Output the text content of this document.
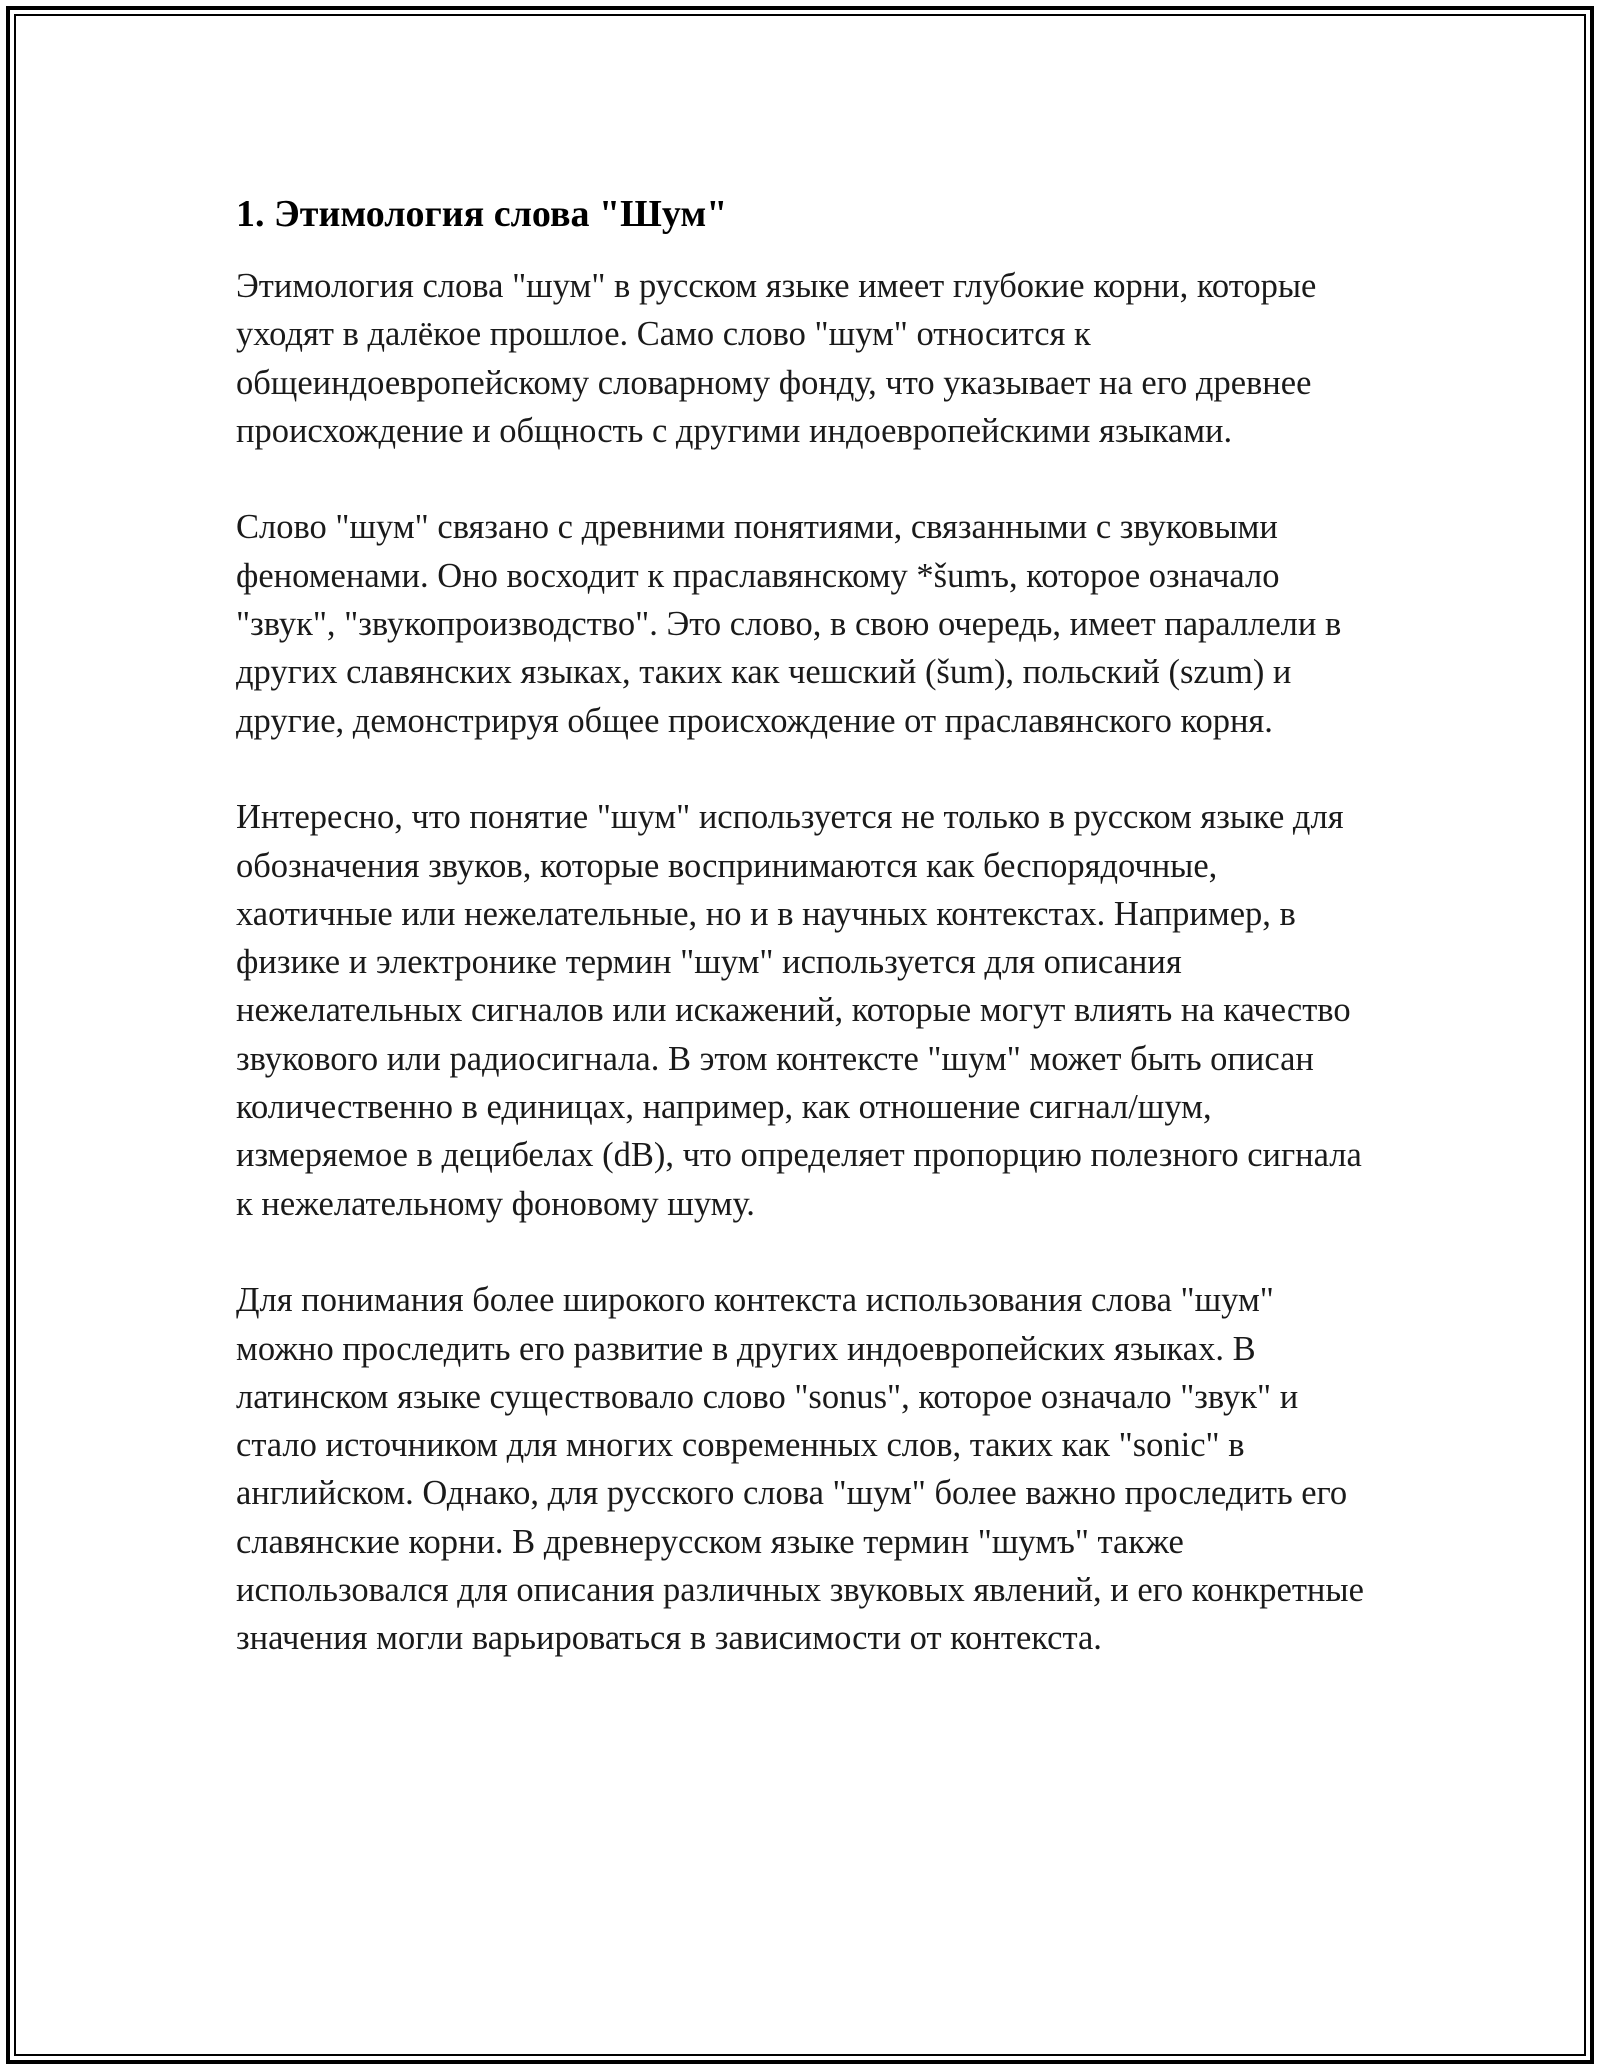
1. Этимология слова "Шум"

Этимология слова "шум" в русском языке имеет глубокие корни, которые уходят в далёкое прошлое. Само слово "шум" относится к общеиндоевропейскому словарному фонду, что указывает на его древнее происхождение и общность с другими индоевропейскими языками.

Слово "шум" связано с древними понятиями, связанными с звуковыми феноменами. Оно восходит к праславянскому *šumъ, которое означало "звук", "звукопроизводство". Это слово, в свою очередь, имеет параллели в других славянских языках, таких как чешский (šum), польский (szum) и другие, демонстрируя общее происхождение от праславянского корня.

Интересно, что понятие "шум" используется не только в русском языке для обозначения звуков, которые воспринимаются как беспорядочные, хаотичные или нежелательные, но и в научных контекстах. Например, в физике и электронике термин "шум" используется для описания нежелательных сигналов или искажений, которые могут влиять на качество звукового или радиосигнала. В этом контексте "шум" может быть описан количественно в единицах, например, как отношение сигнал/шум, измеряемое в децибелах (dB), что определяет пропорцию полезного сигнала к нежелательному фоновому шуму.

Для понимания более широкого контекста использования слова "шум" можно проследить его развитие в других индоевропейских языках. В латинском языке существовало слово "sonus", которое означало "звук" и стало источником для многих современных слов, таких как "sonic" в английском. Однако, для русского слова "шум" более важно проследить его славянские корни. В древнерусском языке термин "шумъ" также использовался для описания различных звуковых явлений, и его конкретные значения могли варьироваться в зависимости от контекста.
